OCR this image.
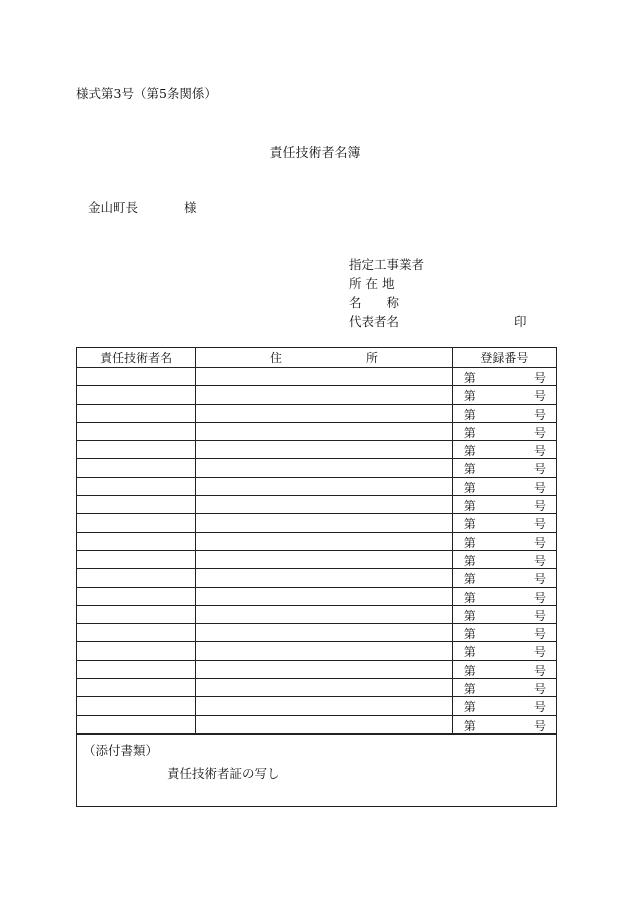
様式第3号（第5条関係）
責任技術者名簿
金山町長	様
指定工事業者
所 在 地
名　　称
代表者名	印
責任技術者名	住 所	登録番号

		第 号

		第 号

		第 号

		第 号

		第 号

		第 号

		第 号

		第 号

		第 号

		第 号

		第 号

		第 号

		第 号

		第 号

		第 号

		第 号

		第 号

		第 号

		第 号

		第 号
（添付書類）
責任技術者証の写し
